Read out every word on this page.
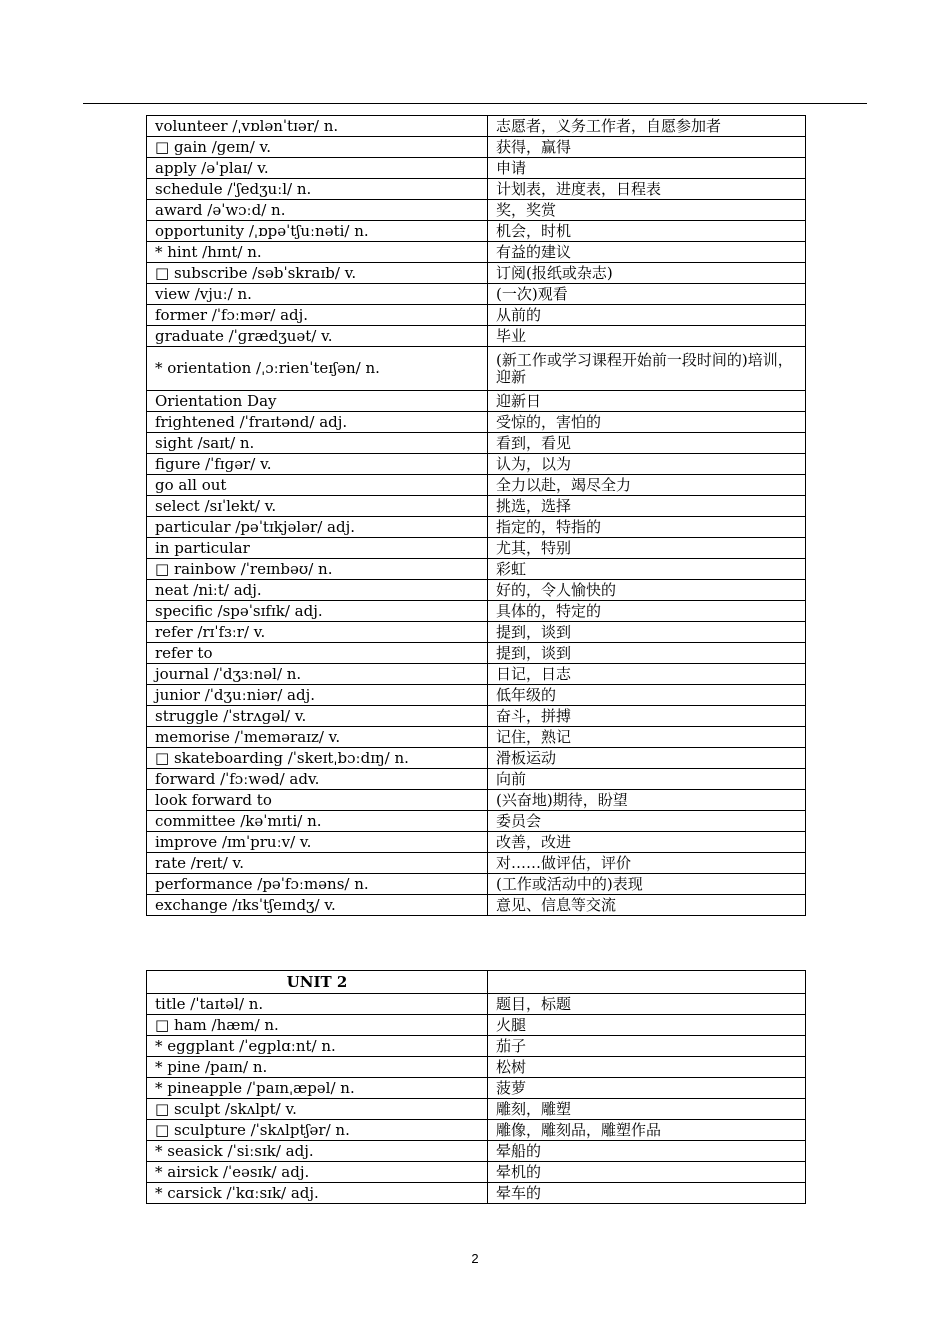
volunteer /ˌvɒlənˈtɪər/ n.	志愿者，义务工作者，自愿参加者
□ gain /ɡeɪn/ v.	获得，赢得
apply /əˈplaɪ/ v.	申请
schedule /ˈʃedʒuːl/ n.	计划表，进度表，日程表
award /əˈwɔːd/ n.	奖，奖赏
opportunity /ˌɒpəˈtʃuːnəti/ n.	机会，时机
* hint /hɪnt/ n.	有益的建议
□ subscribe /səbˈskraɪb/ v.	订阅(报纸或杂志)
view /vjuː/ n.	(一次)观看
former /ˈfɔːmər/ adj.	从前的
graduate /ˈɡrædʒuət/ v.	毕业
* orientation /ˌɔːrienˈteɪʃən/ n.	(新工作或学习课程开始前一段时间的)培训，迎新
Orientation Day	迎新日
frightened /ˈfraɪtənd/ adj.	受惊的，害怕的
sight /saɪt/ n.	看到，看见
figure /ˈfɪɡər/ v.	认为，以为
go all out	全力以赴，竭尽全力
select /sɪˈlekt/ v.	挑选，选择
particular /pəˈtɪkjələr/ adj.	指定的，特指的
in particular	尤其，特别
□ rainbow /ˈreɪnbəʊ/ n.	彩虹
neat /niːt/ adj.	好的，令人愉快的
specific /spəˈsɪfɪk/ adj.	具体的，特定的
refer /rɪˈfɜːr/ v.	提到，谈到
refer to	提到，谈到
journal /ˈdʒɜːnəl/ n.	日记，日志
junior /ˈdʒuːniər/ adj.	低年级的
struggle /ˈstrʌɡəl/ v.	奋斗，拼搏
memorise /ˈmeməraɪz/ v.	记住，熟记
□ skateboarding /ˈskeɪtˌbɔːdɪŋ/ n.	滑板运动
forward /ˈfɔːwəd/ adv.	向前
look forward to	(兴奋地)期待，盼望
committee /kəˈmɪti/ n.	委员会
improve /ɪmˈpruːv/ v.	改善，改进
rate /reɪt/ v.	对……做评估，评价
performance /pəˈfɔːməns/ n.	(工作或活动中的)表现
exchange /ɪksˈtʃeɪndʒ/ v.	意见、信息等交流
UNIT 2	
title /ˈtaɪtəl/ n.	题目，标题
□ ham /hæm/ n.	火腿
* eggplant /ˈeɡplɑːnt/ n.	茄子
* pine /paɪn/ n.	松树
* pineapple /ˈpaɪnˌæpəl/ n.	菠萝
□ sculpt /skʌlpt/ v.	雕刻，雕塑
□ sculpture /ˈskʌlptʃər/ n.	雕像，雕刻品，雕塑作品
* seasick /ˈsiːsɪk/ adj.	晕船的
* airsick /ˈeəsɪk/ adj.	晕机的
* carsick /ˈkɑːsɪk/ adj.	晕车的
2
